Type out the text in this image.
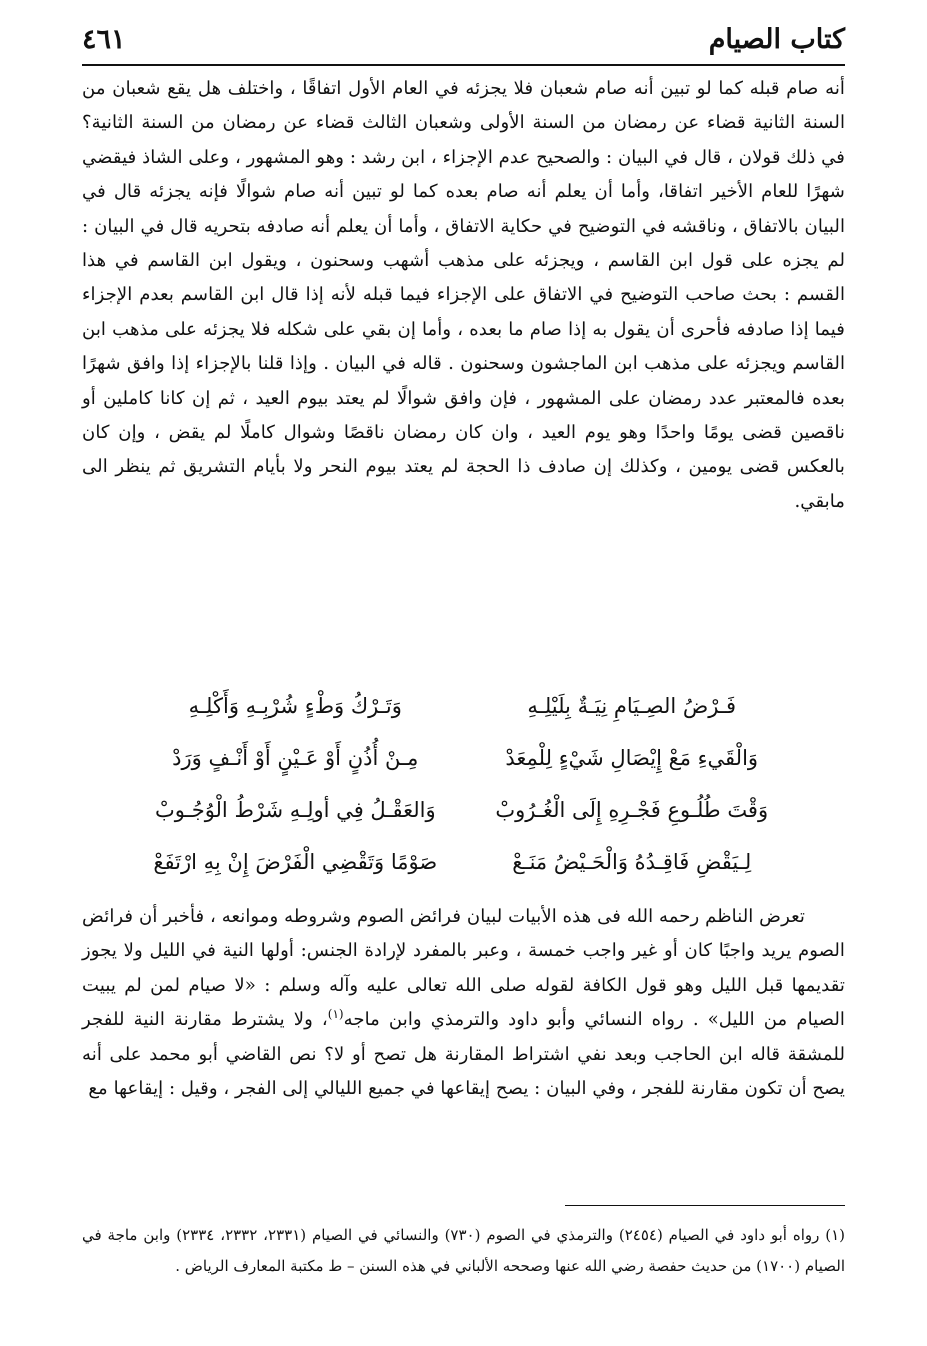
كتاب الصيام
٤٦١

أنه صام قبله كما لو تبين أنه صام شعبان فلا يجزئه في العام الأول اتفاقًا ، واختلف هل يقع شعبان من السنة الثانية قضاء عن رمضان من السنة الأولى وشعبان الثالث قضاء عن رمضان من السنة الثانية؟ في ذلك قولان ، قال في البيان : والصحيح عدم الإجزاء ، ابن رشد : وهو المشهور ، وعلى الشاذ فيقضي شهرًا للعام الأخير اتفاقا، وأما أن يعلم أنه صام بعده كما لو تبين أنه صام شوالًا فإنه يجزئه قال في البيان بالاتفاق ، وناقشه في التوضيح في حكاية الاتفاق ، وأما أن يعلم أنه صادفه بتحريه قال في البيان : لم يجزه على قول ابن القاسم ، ويجزئه على مذهب أشهب وسحنون ، ويقول ابن القاسم في هذا القسم : بحث صاحب التوضيح في الاتفاق على الإجزاء فيما قبله لأنه إذا قال ابن القاسم بعدم الإجزاء فيما إذا صادفه فأحرى أن يقول به إذا صام ما بعده ، وأما إن بقي على شكله فلا يجزئه على مذهب ابن القاسم ويجزئه على مذهب ابن الماجشون وسحنون . قاله في البيان . وإذا قلنا بالإجزاء إذا وافق شهرًا بعده فالمعتبر عدد رمضان على المشهور ، فإن وافق شوالًا لم يعتد بيوم العيد ، ثم إن كانا كاملين أو ناقصين قضى يومًا واحدًا وهو يوم العيد ، وان كان رمضان ناقصًا وشوال كاملًا لم يقض ، وإن كان بالعكس قضى يومين ، وكذلك إن صادف ذا الحجة لم يعتد بيوم النحر ولا بأيام التشريق ثم ينظر الى مابقي.

فَـرْضُ الصِـيَامِ نِيَـةٌ بِلَيْلِـهِ
وَتَـرْكُ وَطْءٍ شُرْبِـهِ وَأَكْلِـهِ
وَالْقَيءِ مَعْ إِيْصَالِ شَيْءٍ لِلْمِعَدْ
مِـنْ أُذُنٍ أَوْ عَـيْنٍ أَوْ أَنْـفٍ وَرَدْ
وَقْتَ طُلُـوعِ فَجْـرِهِ إِلَى الْغُـرُوبْ
وَالعَقْـلُ فِي أولِـهِ شَرْطُ الْوُجُـوبْ
لِـيَقْضِ فَاقِـدُهُ وَالْحَـيْضُ مَنَـعْ
صَوْمًا وَتَقْضِي الْفَرْضَ إِنْ بِهِ ارْتَفَعْ

تعرض الناظم رحمه الله فى هذه الأبيات لبيان فرائض الصوم وشروطه وموانعه ، فأخبر أن فرائض الصوم يريد واجبًا كان أو غير واجب خمسة ، وعبر بالمفرد لإرادة الجنس: أولها النية في الليل ولا يجوز تقديمها قبل الليل وهو قول الكافة لقوله صلى الله تعالى عليه وآله وسلم : «لا صيام لمن لم يبيت الصيام من الليل» . رواه النسائي وأبو داود والترمذي وابن ماجه$^{(١)}$، ولا يشترط مقارنة النية للفجر للمشقة قاله ابن الحاجب وبعد نفي اشتراط المقارنة هل تصح أو لا؟ نص القاضي أبو محمد على أنه يصح أن تكون مقارنة للفجر ، وفي البيان : يصح إيقاعها في جميع الليالي إلى الفجر ، وقيل : إيقاعها مع

(١) رواه أبو داود في الصيام (٢٤٥٤) والترمذي في الصوم (٧٣٠) والنسائي في الصيام (٢٣٣١، ٢٣٣٢، ٢٣٣٤) وابن ماجة في الصيام (١٧٠٠) من حديث حفصة رضي الله عنها وصححه الألباني في هذه السنن – ط مكتبة المعارف الرياض .
